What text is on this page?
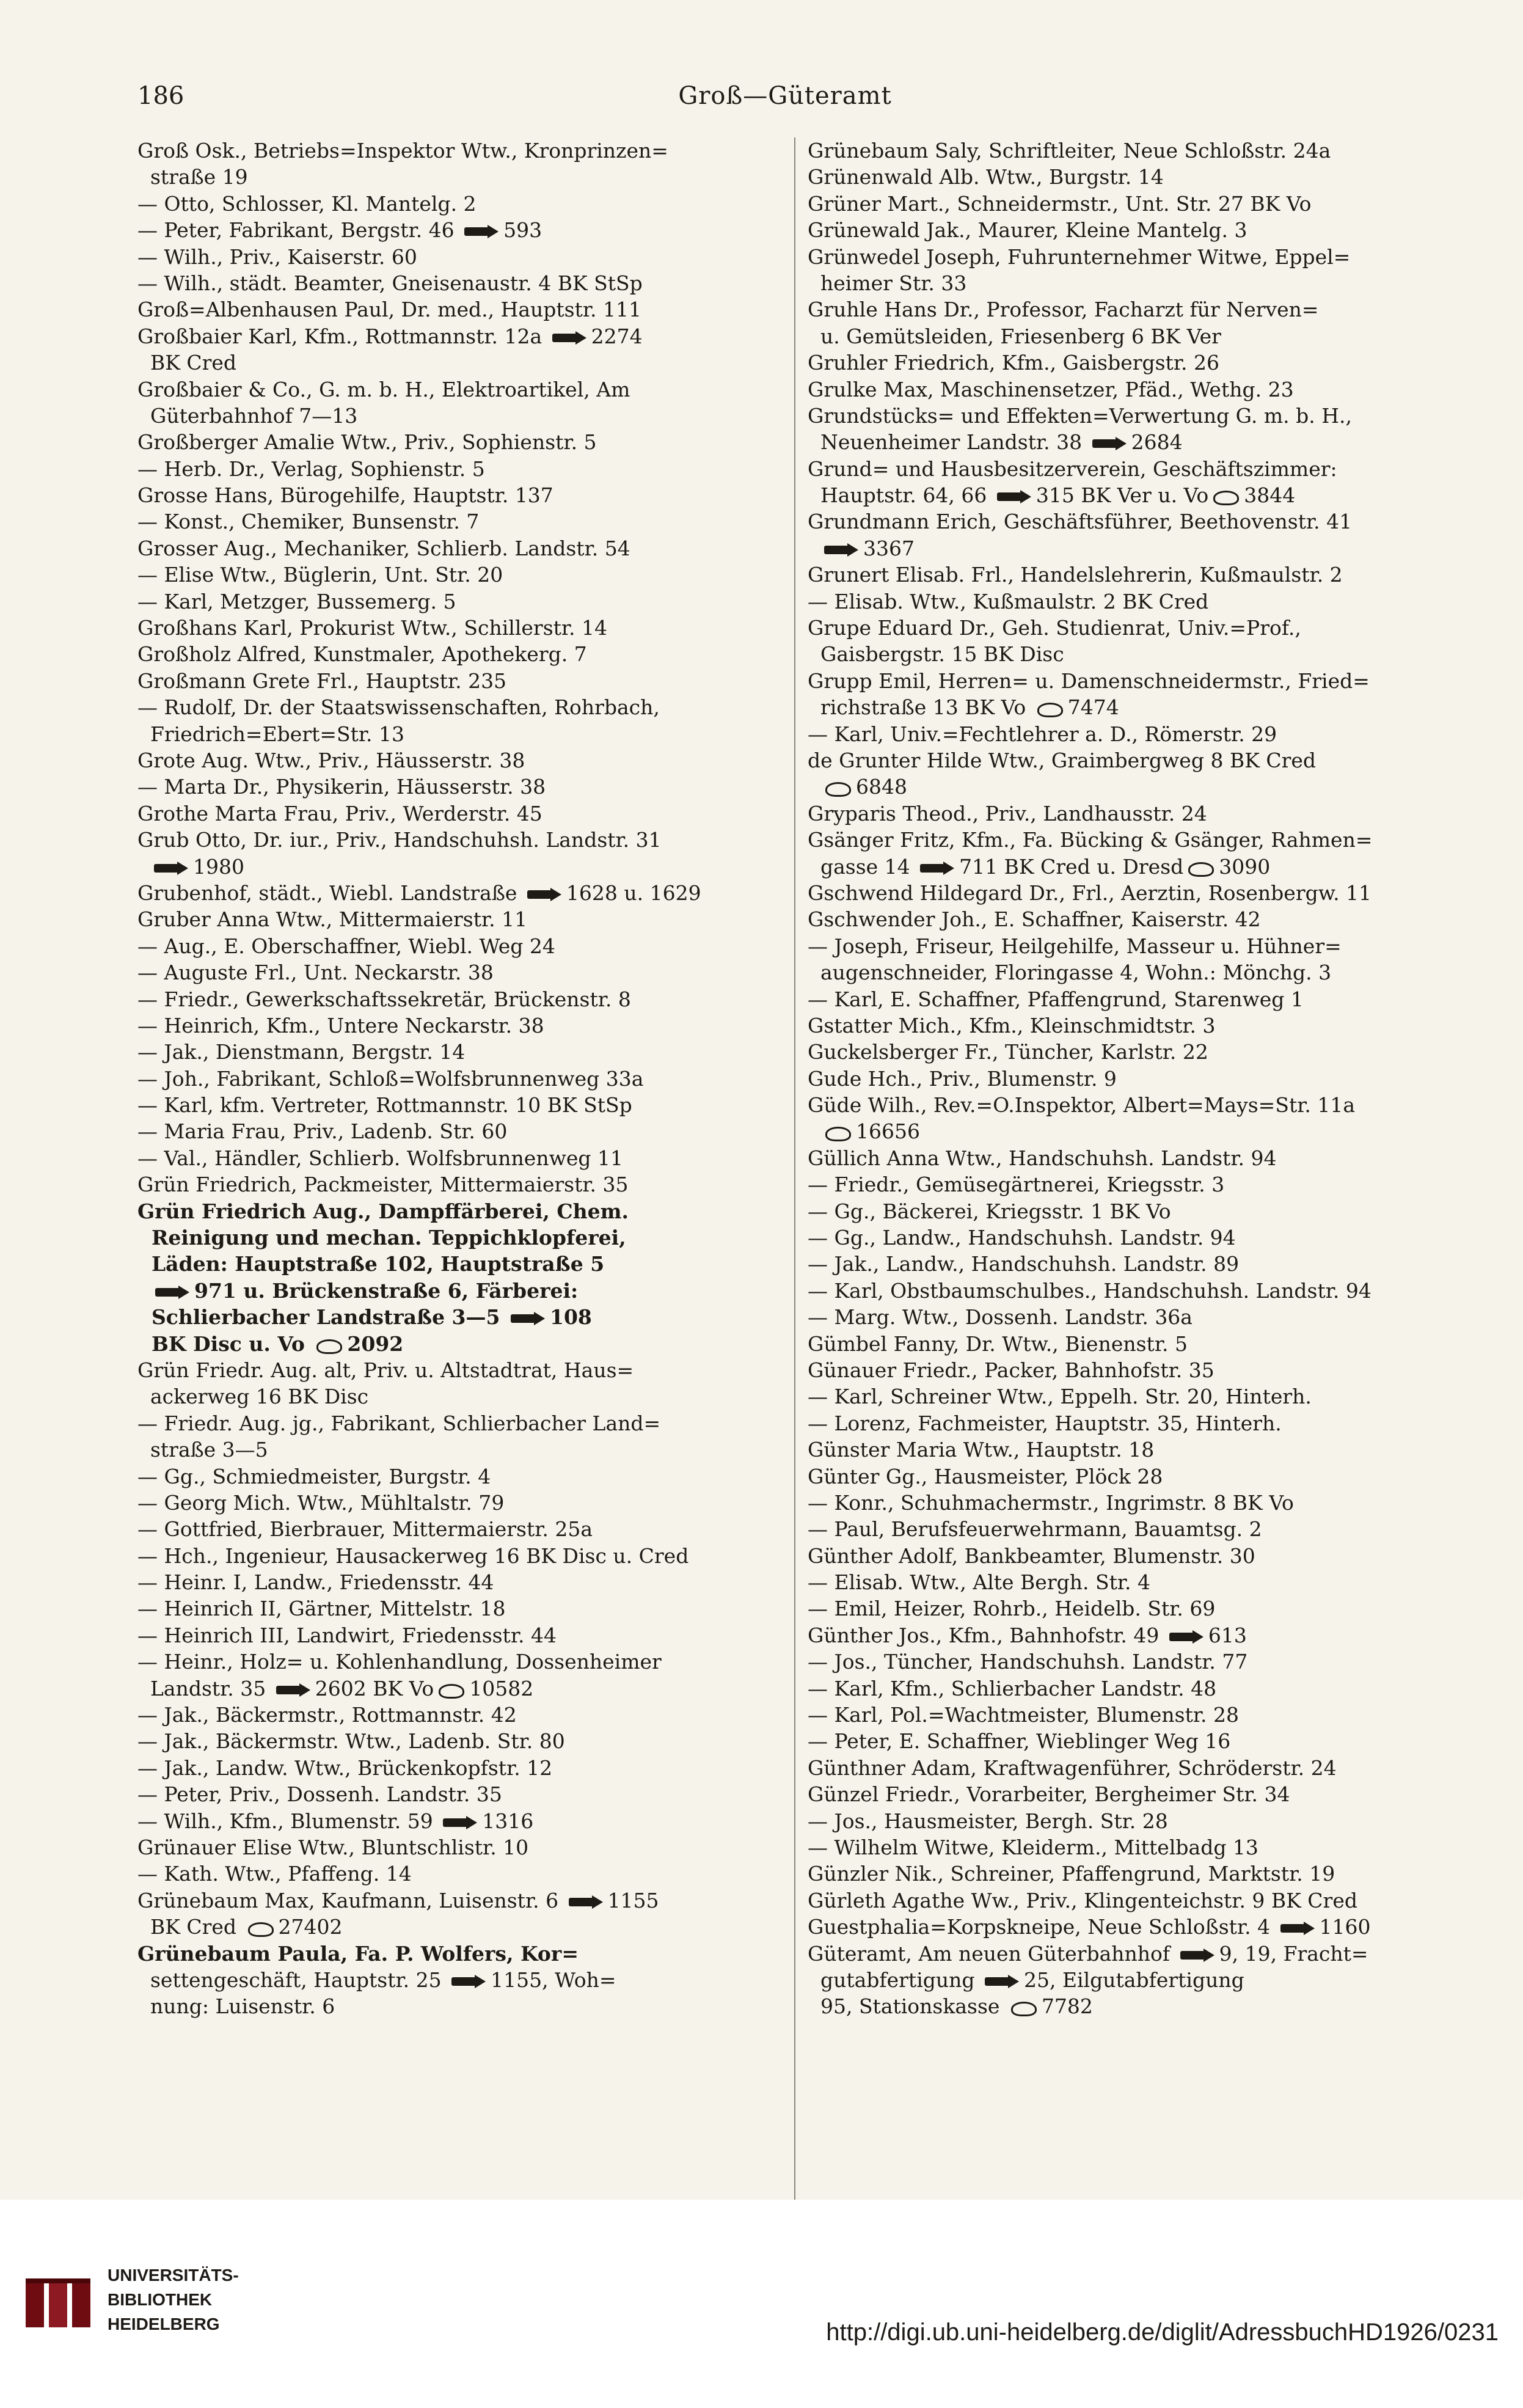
186	Groß—Güteramt
Groß Osk., Betriebs=Inspektor Wtw., Kronprinzen=
straße 19
— Otto, Schlosser, Kl. Mantelg. 2
— Peter, Fabrikant, Bergstr. 46 593
— Wilh., Priv., Kaiserstr. 60
— Wilh., städt. Beamter, Gneisenaustr. 4 BK StSp
Groß=Albenhausen Paul, Dr. med., Hauptstr. 111
Großbaier Karl, Kfm., Rottmannstr. 12a 2274
BK Cred
Großbaier & Co., G. m. b. H., Elektroartikel, Am
Güterbahnhof 7—13
Großberger Amalie Wtw., Priv., Sophienstr. 5
— Herb. Dr., Verlag, Sophienstr. 5
Grosse Hans, Bürogehilfe, Hauptstr. 137
— Konst., Chemiker, Bunsenstr. 7
Grosser Aug., Mechaniker, Schlierb. Landstr. 54
— Elise Wtw., Büglerin, Unt. Str. 20
— Karl, Metzger, Bussemerg. 5
Großhans Karl, Prokurist Wtw., Schillerstr. 14
Großholz Alfred, Kunstmaler, Apothekerg. 7
Großmann Grete Frl., Hauptstr. 235
— Rudolf, Dr. der Staatswissenschaften, Rohrbach,
Friedrich=Ebert=Str. 13
Grote Aug. Wtw., Priv., Häusserstr. 38
— Marta Dr., Physikerin, Häusserstr. 38
Grothe Marta Frau, Priv., Werderstr. 45
Grub Otto, Dr. iur., Priv., Handschuhsh. Landstr. 31
1980
Grubenhof, städt., Wiebl. Landstraße 1628 u. 1629
Gruber Anna Wtw., Mittermaierstr. 11
— Aug., E. Oberschaffner, Wiebl. Weg 24
— Auguste Frl., Unt. Neckarstr. 38
— Friedr., Gewerkschaftssekretär, Brückenstr. 8
— Heinrich, Kfm., Untere Neckarstr. 38
— Jak., Dienstmann, Bergstr. 14
— Joh., Fabrikant, Schloß=Wolfsbrunnenweg 33a
— Karl, kfm. Vertreter, Rottmannstr. 10 BK StSp
— Maria Frau, Priv., Ladenb. Str. 60
— Val., Händler, Schlierb. Wolfsbrunnenweg 11
Grün Friedrich, Packmeister, Mittermaierstr. 35
Grün Friedrich Aug., Dampffärberei, Chem.
Reinigung und mechan. Teppichklopferei,
Läden: Hauptstraße 102, Hauptstraße 5
971 u. Brückenstraße 6, Färberei:
Schlierbacher Landstraße 3—5 108
BK Disc u. Vo 2092
Grün Friedr. Aug. alt, Priv. u. Altstadtrat, Haus=
ackerweg 16 BK Disc
— Friedr. Aug. jg., Fabrikant, Schlierbacher Land=
straße 3—5
— Gg., Schmiedmeister, Burgstr. 4
— Georg Mich. Wtw., Mühltalstr. 79
— Gottfried, Bierbrauer, Mittermaierstr. 25a
— Hch., Ingenieur, Hausackerweg 16 BK Disc u. Cred
— Heinr. I, Landw., Friedensstr. 44
— Heinrich II, Gärtner, Mittelstr. 18
— Heinrich III, Landwirt, Friedensstr. 44
— Heinr., Holz= u. Kohlenhandlung, Dossenheimer
Landstr. 35 2602 BK Vo 10582
— Jak., Bäckermstr., Rottmannstr. 42
— Jak., Bäckermstr. Wtw., Ladenb. Str. 80
— Jak., Landw. Wtw., Brückenkopfstr. 12
— Peter, Priv., Dossenh. Landstr. 35
— Wilh., Kfm., Blumenstr. 59 1316
Grünauer Elise Wtw., Bluntschlistr. 10
— Kath. Wtw., Pfaffeng. 14
Grünebaum Max, Kaufmann, Luisenstr. 6 1155
BK Cred 27402
Grünebaum Paula, Fa. P. Wolfers, Kor=
settengeschäft, Hauptstr. 25 1155, Woh=
nung: Luisenstr. 6
Grünebaum Saly, Schriftleiter, Neue Schloßstr. 24a
Grünenwald Alb. Wtw., Burgstr. 14
Grüner Mart., Schneidermstr., Unt. Str. 27 BK Vo
Grünewald Jak., Maurer, Kleine Mantelg. 3
Grünwedel Joseph, Fuhrunternehmer Witwe, Eppel=
heimer Str. 33
Gruhle Hans Dr., Professor, Facharzt für Nerven=
u. Gemütsleiden, Friesenberg 6 BK Ver
Gruhler Friedrich, Kfm., Gaisbergstr. 26
Grulke Max, Maschinensetzer, Pfäd., Wethg. 23
Grundstücks= und Effekten=Verwertung G. m. b. H.,
Neuenheimer Landstr. 38 2684
Grund= und Hausbesitzerverein, Geschäftszimmer:
Hauptstr. 64, 66 315 BK Ver u. Vo 3844
Grundmann Erich, Geschäftsführer, Beethovenstr. 41
3367
Grunert Elisab. Frl., Handelslehrerin, Kußmaulstr. 2
— Elisab. Wtw., Kußmaulstr. 2 BK Cred
Grupe Eduard Dr., Geh. Studienrat, Univ.=Prof.,
Gaisbergstr. 15 BK Disc
Grupp Emil, Herren= u. Damenschneidermstr., Fried=
richstraße 13 BK Vo 7474
— Karl, Univ.=Fechtlehrer a. D., Römerstr. 29
de Grunter Hilde Wtw., Graimbergweg 8 BK Cred
6848
Gryparis Theod., Priv., Landhausstr. 24
Gsänger Fritz, Kfm., Fa. Bücking & Gsänger, Rahmen=
gasse 14 711 BK Cred u. Dresd 3090
Gschwend Hildegard Dr., Frl., Aerztin, Rosenbergw. 11
Gschwender Joh., E. Schaffner, Kaiserstr. 42
— Joseph, Friseur, Heilgehilfe, Masseur u. Hühner=
augenschneider, Floringasse 4, Wohn.: Mönchg. 3
— Karl, E. Schaffner, Pfaffengrund, Starenweg 1
Gstatter Mich., Kfm., Kleinschmidtstr. 3
Guckelsberger Fr., Tüncher, Karlstr. 22
Gude Hch., Priv., Blumenstr. 9
Güde Wilh., Rev.=O.Inspektor, Albert=Mays=Str. 11a
16656
Güllich Anna Wtw., Handschuhsh. Landstr. 94
— Friedr., Gemüsegärtnerei, Kriegsstr. 3
— Gg., Bäckerei, Kriegsstr. 1 BK Vo
— Gg., Landw., Handschuhsh. Landstr. 94
— Jak., Landw., Handschuhsh. Landstr. 89
— Karl, Obstbaumschulbes., Handschuhsh. Landstr. 94
— Marg. Wtw., Dossenh. Landstr. 36a
Gümbel Fanny, Dr. Wtw., Bienenstr. 5
Günauer Friedr., Packer, Bahnhofstr. 35
— Karl, Schreiner Wtw., Eppelh. Str. 20, Hinterh.
— Lorenz, Fachmeister, Hauptstr. 35, Hinterh.
Günster Maria Wtw., Hauptstr. 18
Günter Gg., Hausmeister, Plöck 28
— Konr., Schuhmachermstr., Ingrimstr. 8 BK Vo
— Paul, Berufsfeuerwehrmann, Bauamtsg. 2
Günther Adolf, Bankbeamter, Blumenstr. 30
— Elisab. Wtw., Alte Bergh. Str. 4
— Emil, Heizer, Rohrb., Heidelb. Str. 69
Günther Jos., Kfm., Bahnhofstr. 49 613
— Jos., Tüncher, Handschuhsh. Landstr. 77
— Karl, Kfm., Schlierbacher Landstr. 48
— Karl, Pol.=Wachtmeister, Blumenstr. 28
— Peter, E. Schaffner, Wieblinger Weg 16
Günthner Adam, Kraftwagenführer, Schröderstr. 24
Günzel Friedr., Vorarbeiter, Bergheimer Str. 34
— Jos., Hausmeister, Bergh. Str. 28
— Wilhelm Witwe, Kleiderm., Mittelbadg 13
Günzler Nik., Schreiner, Pfaffengrund, Marktstr. 19
Gürleth Agathe Ww., Priv., Klingenteichstr. 9 BK Cred
Guestphalia=Korpskneipe, Neue Schloßstr. 4 1160
Güteramt, Am neuen Güterbahnhof 9, 19, Fracht=
gutabfertigung 25, Eilgutabfertigung
95, Stationskasse 7782
UNIVERSITÄTS-
BIBLIOTHEK
HEIDELBERG	http://digi.ub.uni-heidelberg.de/diglit/AdressbuchHD1926/0231
